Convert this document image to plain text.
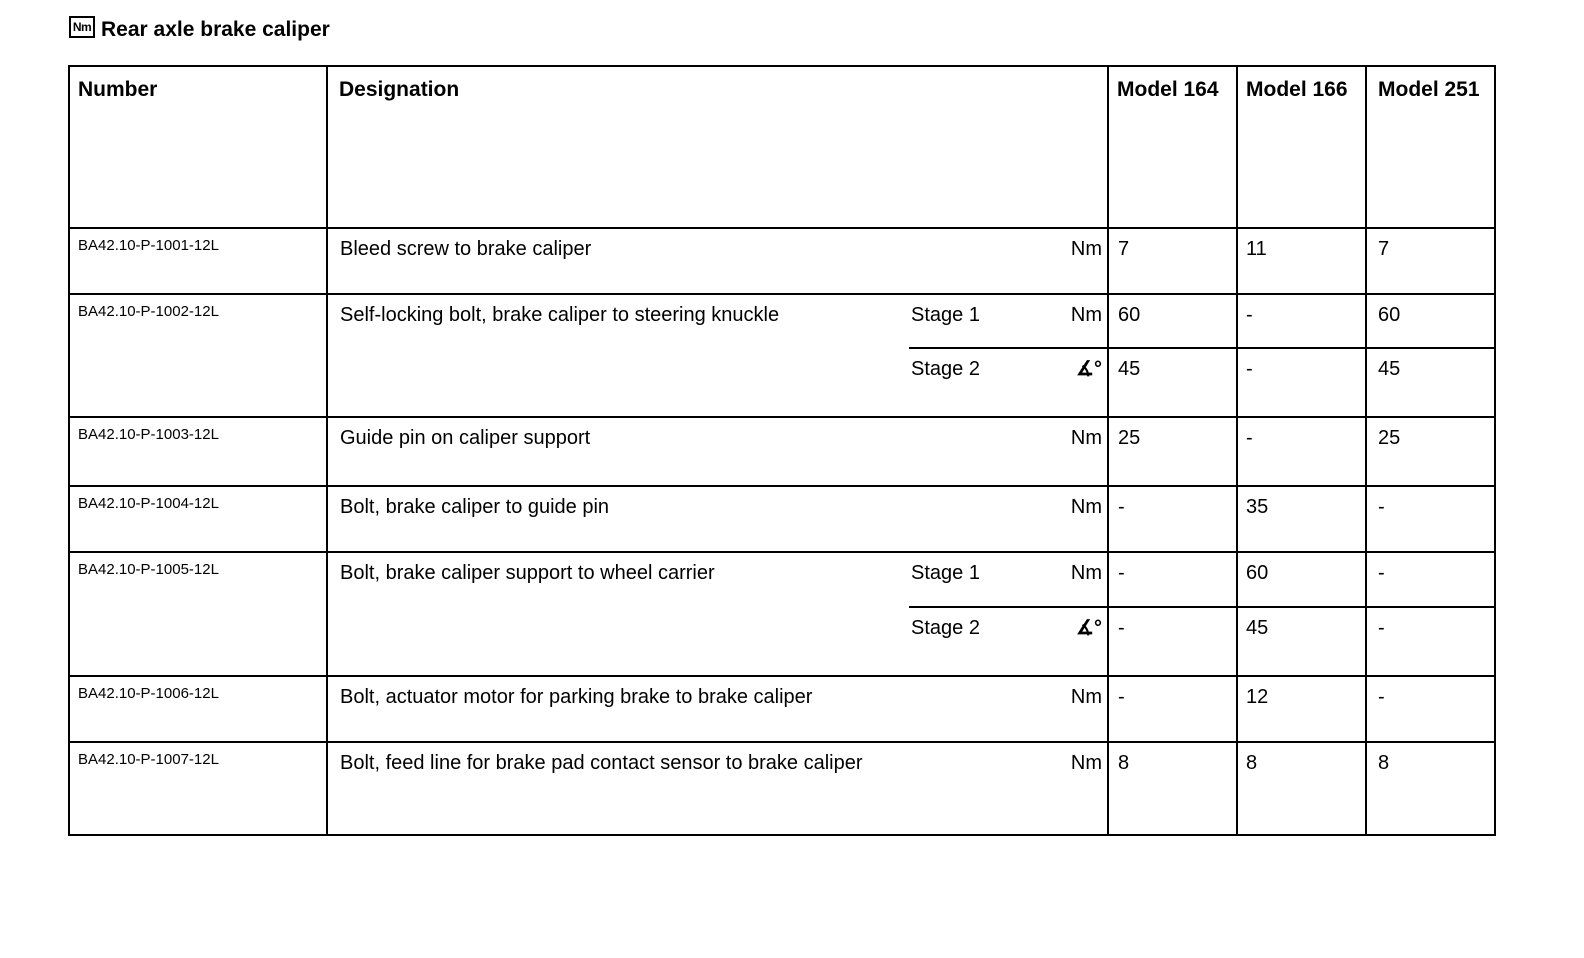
Nm Rear axle brake caliper
Number	Designation	Model 164	Model 166	Model 251
BA42.10-P-1001-12L	Bleed screw to brake caliper	Nm 7	11	7
BA42.10-P-1002-12L	Self-locking bolt, brake caliper to steering knuckle	Stage 1	Nm 60	-	60
Stage 2	∡° 45	-	45
BA42.10-P-1003-12L	Guide pin on caliper support	Nm 25	-	25
BA42.10-P-1004-12L	Bolt, brake caliper to guide pin	Nm -	35	-
BA42.10-P-1005-12L	Bolt, brake caliper support to wheel carrier	Stage 1	Nm -	60	-
Stage 2	∡° -	45	-
BA42.10-P-1006-12L	Bolt, actuator motor for parking brake to brake caliper	Nm -	12	-
BA42.10-P-1007-12L	Bolt, feed line for brake pad contact sensor to brake caliper	Nm 8	8	8
